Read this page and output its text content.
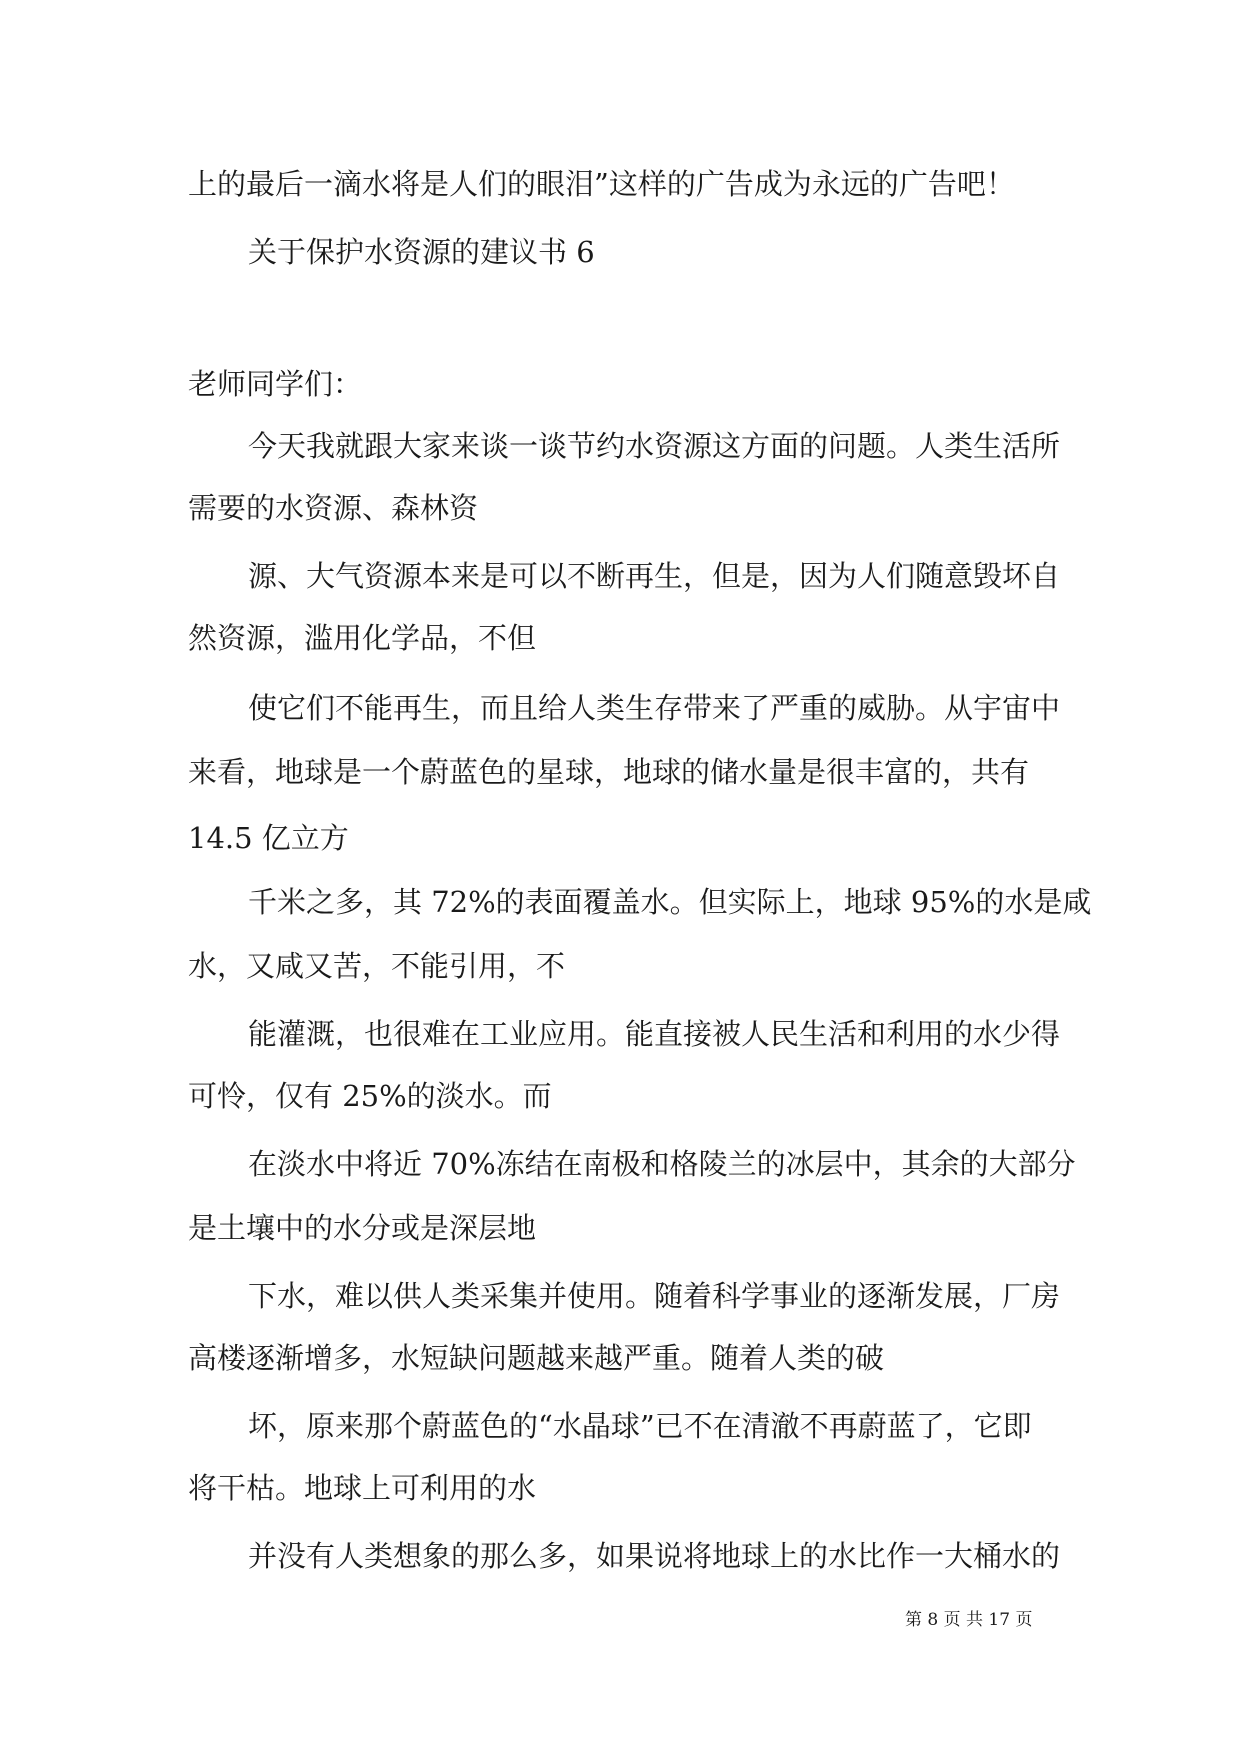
上的最后一滴水将是人们的眼泪”这样的广告成为永远的广告吧！
关于保护水资源的建议书 6
老师同学们：
今天我就跟大家来谈一谈节约水资源这方面的问题。人类生活所
需要的水资源、森林资
源、大气资源本来是可以不断再生，但是，因为人们随意毁坏自
然资源，滥用化学品，不但
使它们不能再生，而且给人类生存带来了严重的威胁。从宇宙中
来看，地球是一个蔚蓝色的星球，地球的储水量是很丰富的，共有
14.5 亿立方
千米之多，其 72%的表面覆盖水。但实际上，地球 95%的水是咸
水，又咸又苦，不能引用，不
能灌溉，也很难在工业应用。能直接被人民生活和利用的水少得
可怜，仅有 25%的淡水。而
在淡水中将近 70%冻结在南极和格陵兰的冰层中，其余的大部分
是土壤中的水分或是深层地
下水，难以供人类采集并使用。随着科学事业的逐渐发展，厂房
高楼逐渐增多，水短缺问题越来越严重。随着人类的破
坏，原来那个蔚蓝色的“水晶球”已不在清澈不再蔚蓝了，它即
将干枯。地球上可利用的水
并没有人类想象的那么多，如果说将地球上的水比作一大桶水的
第 8 页 共 17 页
